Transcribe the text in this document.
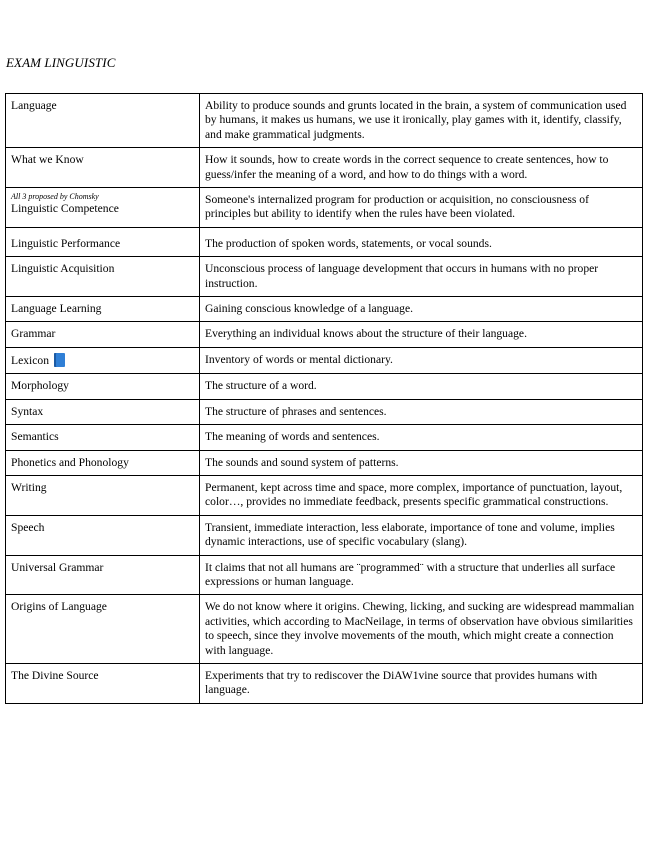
EXAM LINGUISTIC
Language	Ability to produce sounds and grunts located in the brain, a system of communication used by humans, it makes us humans, we use it ironically, play games with it, identify, classify, and make grammatical judgments.
What we Know	How it sounds, how to create words in the correct sequence to create sentences, how to guess/infer the meaning of a word, and how to do things with a word.

All 3 proposed by Chomsky
Linguistic Competence	Someone's internalized program for production or acquisition, no consciousness of principles but ability to identify when the rules have been violated.
Linguistic Performance	The production of spoken words, statements, or vocal sounds.
Linguistic Acquisition	Unconscious process of language development that occurs in humans with no proper instruction.
Language Learning	Gaining conscious knowledge of a language.
Grammar	Everything an individual knows about the structure of their language.
Lexicon	Inventory of words or mental dictionary.
Morphology	The structure of a word.
Syntax	The structure of phrases and sentences.
Semantics	The meaning of words and sentences.
Phonetics and Phonology	The sounds and sound system of patterns.
Writing	Permanent, kept across time and space, more complex, importance of punctuation, layout, color…, provides no immediate feedback, presents specific grammatical constructions.
Speech	Transient, immediate interaction, less elaborate, importance of tone and volume, implies dynamic interactions, use of specific vocabulary (slang).
Universal Grammar	It claims that not all humans are ¨programmed¨ with a structure that underlies all surface expressions or human language.
Origins of Language	We do not know where it origins. Chewing, licking, and sucking are widespread mammalian activities, which according to MacNeilage, in terms of observation have obvious similarities to speech, since they involve movements of the mouth, which might create a connection with language.
The Divine Source	Experiments that try to rediscover the DiAW1vine source that provides humans with language.
